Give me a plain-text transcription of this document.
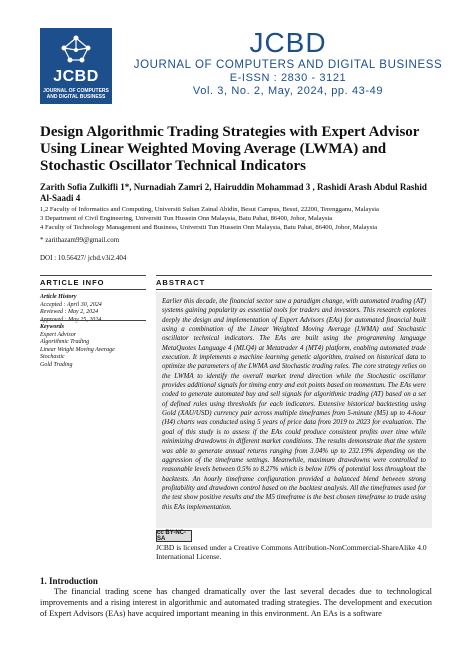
JCBD
JOURNAL OF COMPUTERS AND DIGITAL BUSINESS
JCBD
JOURNAL OF COMPUTERS AND DIGITAL BUSINESS
E-ISSN : 2830 - 3121
Vol. 3, No. 2, May, 2024, pp. 43-49
Design Algorithmic Trading Strategies with Expert Advisor Using Linear Weighted Moving Average (LWMA) and Stochastic Oscillator Technical Indicators
Zarith Sofia Zulkifli 1*, Nurnadiah Zamri 2, Hairuddin Mohammad 3 , Rashidi Arash Abdul Rashid Al-Saadi 4
1,2 Faculty of Informatics and Computing, Universiti Sultan Zainal Abidin, Besut Campus, Besut, 22200, Terengganu, Malaysia
3 Department of Civil Engineering, Universiti Tun Hussein Onn Malaysia, Batu Pahat, 86400, Johor, Malaysia
4 Faculty of Technology Management and Business, Universiti Tun Hussein Onn Malaysia, Batu Pahat, 86400, Johor, Malaysia
* zarithazam99@gmail.com
DOI : 10.56427/ jcbd.v3i2.404
ARTICLE INFO	ABSTRACT
Article History
Accepted : April 30, 2024
Reviewed : May 2, 2024
Keywords
Expert Advisor
Algorithmic Trading
Linear Weight Moving Average
Stochastic
Gold Trading

Earlier this decade, the financial sector saw a paradigm change, with automated trading (AT) systems gaining popularity as essential tools for traders and investors. This research explores deeply the design and implementation of Expert Advisors (EAs) for automated financial built using a combination of the Linear Weighted Moving Average (LWMA) and Stochastic oscillator technical indicators. The EAs are built using the programming language MetaQuotes Language 4 (MLQ4) at Metatrader 4 (MT4) platform, enabling automated trade execution. It implements a machine learning genetic algorithm, trained on historical data to optimize the parameters of the LWMA and Stochastic trading rules. The core strategy relies on the LWMA to identify the overall market trend direction while the Stochastic oscillator provides additional signals for timing entry and exit points based on momentum. The EAs were coded to generate automated buy and sell signals for algorithmic trading (AT) based on a set of defined rules using thresholds for each indicators. Extensive historical backtesting using Gold (XAU/USD) currency pair across multiple timeframes from 5-minute (M5) up to 4-hour (H4) charts was conducted using 5 years of price data from 2019 to 2023 for evaluation. The goal of this study is to assess if the EAs could produce consistent profits over time while minimizing drawdowns in different market conditions. The results demonstrate that the system was able to generate annual returns ranging from 3.04% up to 232.19% depending on the aggression of the timeframe settings. Meanwhile, maximum drawdowns were controlled to reasonable levels between 0.5% to 8.27% which is below 10% of potential loss throughout the backtests. An hourly timeframe configuration provided a balanced blend between strong profitability and drawdown control based on the backtest analysis. All the timeframes used for the test show positive results and the M5 timeframe is the best chosen timeframe to trade using this EAs implementation.

cc BY-NC-SA
JCBD is licensed under a Creative Commons Attribution-NonCommercial-ShareAlike 4.0 International License.
1. Introduction

The financial trading scene has changed dramatically over the last several decades due to technological improvements and a rising interest in algorithmic and automated trading strategies. The development and execution of Expert Advisors (EAs) have acquired important meaning in this environment. An EAs is a software
